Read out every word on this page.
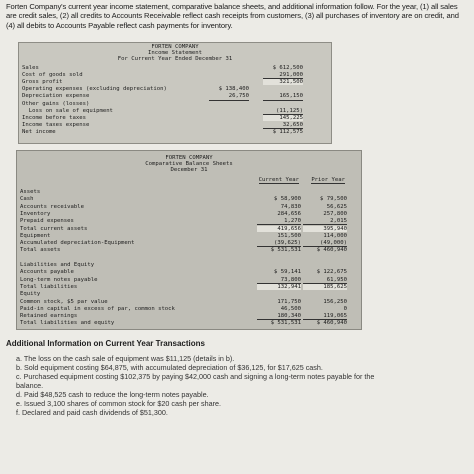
Forten Company's current year income statement, comparative balance sheets, and additional information follow. For the year, (1) all sales are credit sales, (2) all credits to Accounts Receivable reflect cash receipts from customers, (3) all purchases of inventory are on credit, and (4) all debits to Accounts Payable reflect cash payments for inventory.

FORTEN COMPANY

Income Statement

For Current Year Ended December 31

Sales	$ 612,500
Cost of goods sold	291,000
Gross profit	321,500
Operating expenses (excluding depreciation)	$ 138,400
Depreciation expense	26,750	165,150
Other gains (losses)
Loss on sale of equipment	(11,125)
Income before taxes	145,225
Income taxes expense	32,650
Net income	$ 112,575

FORTEN COMPANY

Comparative Balance Sheets

December 31

Current Year

Prior Year

Assets
Cash	$ 58,900	$ 79,500
Accounts receivable	74,830	56,625
Inventory	284,656	257,800
Prepaid expenses	1,270	2,015
Total current assets	419,656	395,940
Equipment	151,500	114,000
Accumulated depreciation-Equipment	(39,625)	(49,000)
Total assets	$ 531,531	$ 460,940
Liabilities and Equity
Accounts payable	$ 59,141	$ 122,675
Long-term notes payable	73,800	61,950
Total liabilities	132,941	185,625
Equity
Common stock, $5 par value	171,750	156,250
Paid-in capital in excess of par, common stock	46,500	0
Retained earnings	180,340	119,065
Total liabilities and equity	$ 531,531	$ 460,940

Additional Information on Current Year Transactions
a. The loss on the cash sale of equipment was $11,125 (details in b).
b. Sold equipment costing $64,875, with accumulated depreciation of $36,125, for $17,625 cash.
c. Purchased equipment costing $102,375 by paying $42,000 cash and signing a long-term notes payable for the
balance.
d. Paid $48,525 cash to reduce the long-term notes payable.
e. Issued 3,100 shares of common stock for $20 cash per share.
f. Declared and paid cash dividends of $51,300.
